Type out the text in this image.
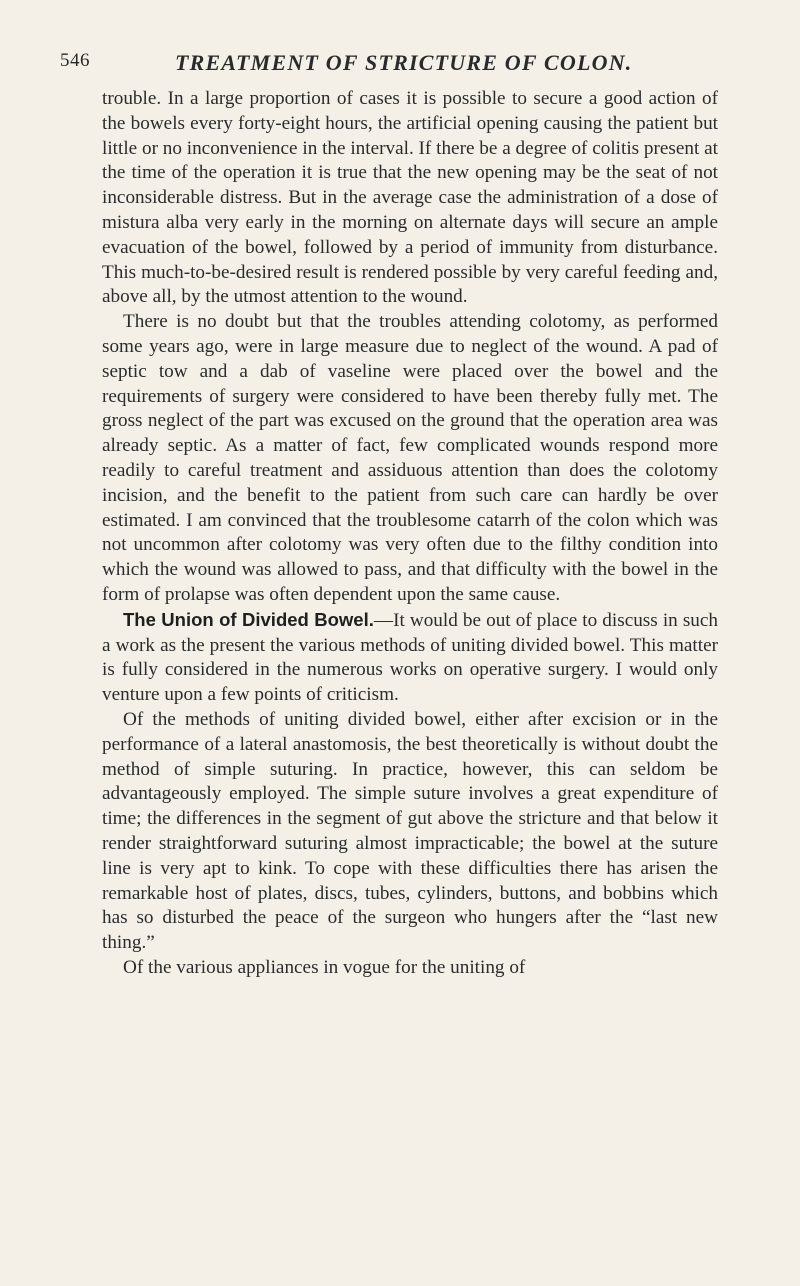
546	TREATMENT OF STRICTURE OF COLON.

trouble. In a large proportion of cases it is possible to secure a good action of the bowels every forty-eight hours, the artificial opening causing the patient but little or no inconvenience in the interval. If there be a degree of colitis present at the time of the operation it is true that the new opening may be the seat of not inconsiderable distress. But in the average case the administration of a dose of mistura alba very early in the morning on alternate days will secure an ample evacuation of the bowel, followed by a period of immunity from disturbance. This much-to-be-desired result is rendered possible by very careful feeding and, above all, by the utmost attention to the wound.

There is no doubt but that the troubles attending colotomy, as performed some years ago, were in large measure due to neglect of the wound. A pad of septic tow and a dab of vaseline were placed over the bowel and the requirements of surgery were considered to have been thereby fully met. The gross neglect of the part was excused on the ground that the operation area was already septic. As a matter of fact, few complicated wounds respond more readily to careful treatment and assiduous attention than does the colotomy incision, and the benefit to the patient from such care can hardly be over estimated. I am convinced that the troublesome catarrh of the colon which was not uncommon after colotomy was very often due to the filthy condition into which the wound was allowed to pass, and that difficulty with the bowel in the form of prolapse was often dependent upon the same cause.

The Union of Divided Bowel.—It would be out of place to discuss in such a work as the present the various methods of uniting divided bowel. This matter is fully considered in the numerous works on operative surgery. I would only venture upon a few points of criticism.

Of the methods of uniting divided bowel, either after excision or in the performance of a lateral anastomosis, the best theoretically is without doubt the method of simple suturing. In practice, however, this can seldom be advantageously employed. The simple suture involves a great expenditure of time; the differences in the segment of gut above the stricture and that below it render straightforward suturing almost impracticable; the bowel at the suture line is very apt to kink. To cope with these difficulties there has arisen the remarkable host of plates, discs, tubes, cylinders, buttons, and bobbins which has so disturbed the peace of the surgeon who hungers after the “last new thing.”

Of the various appliances in vogue for the uniting of
